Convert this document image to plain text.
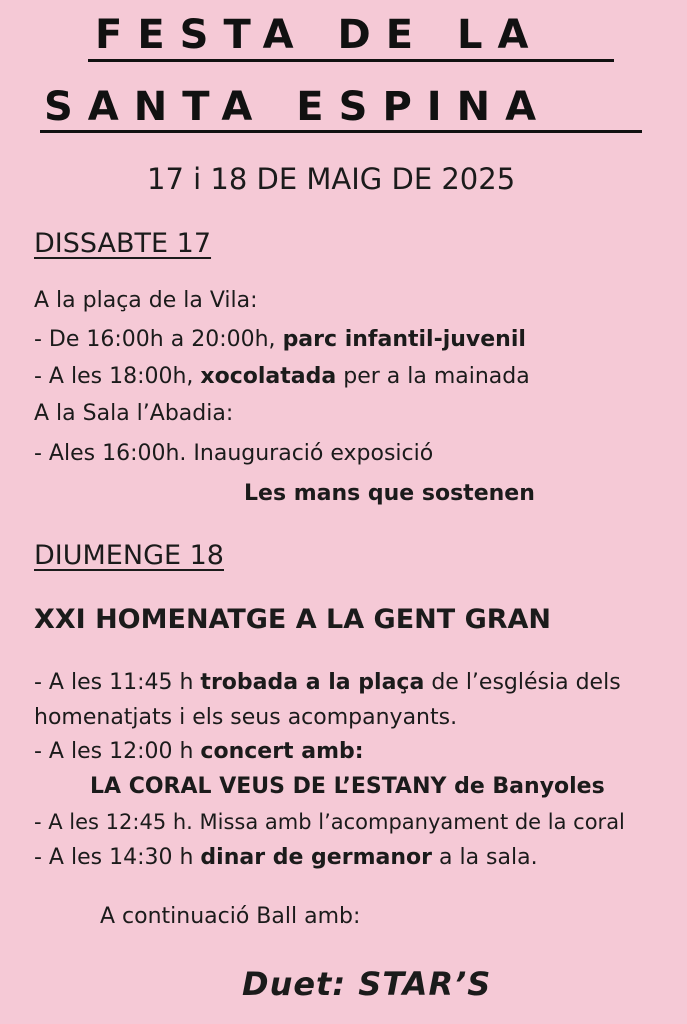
FESTA DE LA
SANTA ESPINA
17 i 18 DE MAIG DE 2025
DISSABTE 17
A la plaça de la Vila:
- De 16:00h a 20:00h, parc infantil-juvenil
- A les 18:00h, xocolatada per a la mainada
A la Sala l’Abadia:
- Ales 16:00h. Inauguració exposició
Les mans que sostenen
DIUMENGE 18
XXI HOMENATGE A LA GENT GRAN
- A les 11:45 h trobada a la plaça de l’església dels
homenatjats i els seus acompanyants.
- A les 12:00 h concert amb:
LA CORAL VEUS DE L’ESTANY de Banyoles
- A les 12:45 h. Missa amb l’acompanyament de la coral
- A les 14:30 h dinar de germanor a la sala.
A continuació Ball amb:
Duet: STAR’S
